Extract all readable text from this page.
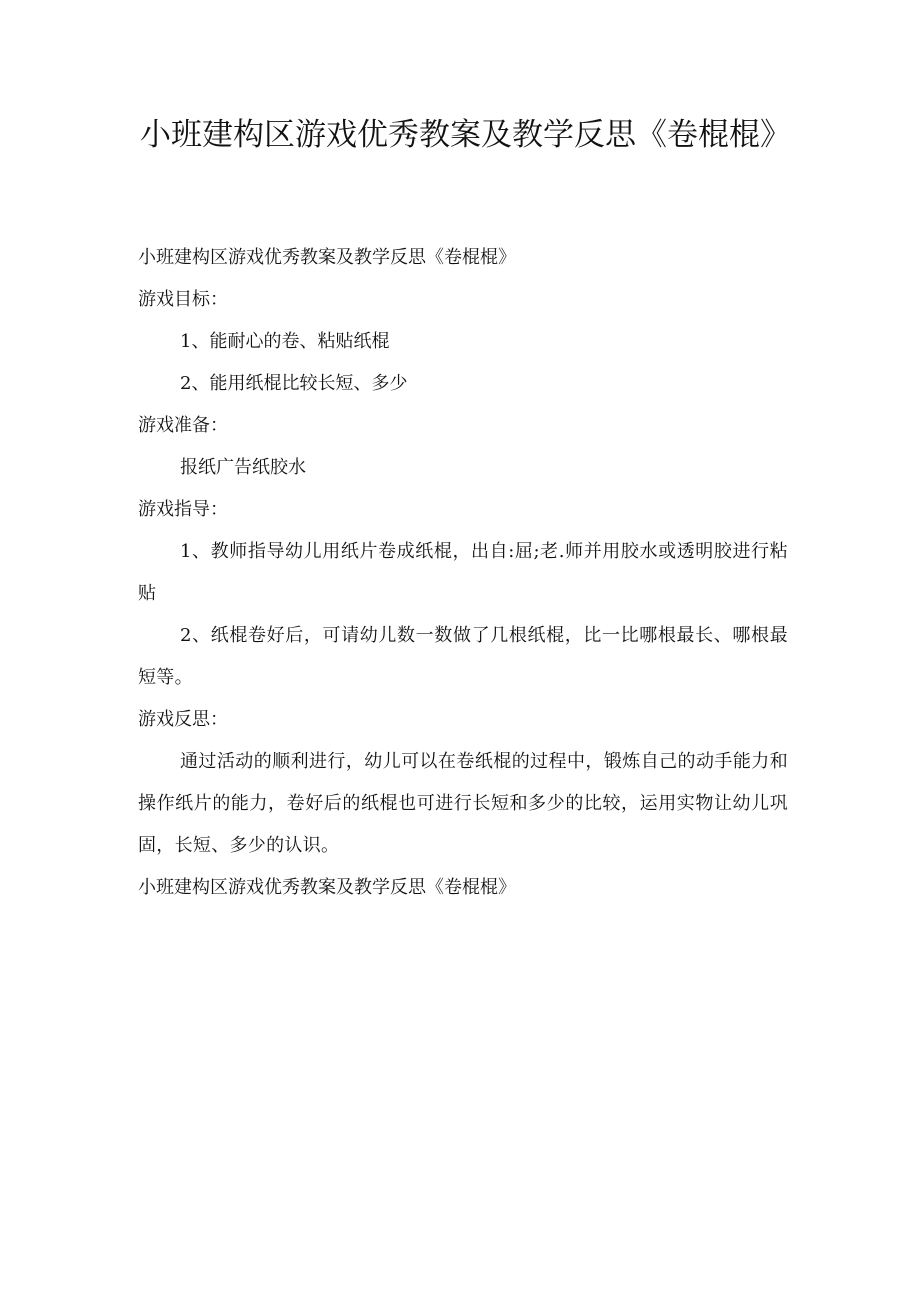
小班建构区游戏优秀教案及教学反思《卷棍棍》
小班建构区游戏优秀教案及教学反思《卷棍棍》
游戏目标：
1、能耐心的卷、粘贴纸棍
2、能用纸棍比较长短、多少
游戏准备：
报纸广告纸胶水
游戏指导：
1、教师指导幼儿用纸片卷成纸棍，出自:屈;老.师并用胶水或透明胶进行粘贴
2、纸棍卷好后，可请幼儿数一数做了几根纸棍，比一比哪根最长、哪根最短等。
游戏反思：
通过活动的顺利进行，幼儿可以在卷纸棍的过程中，锻炼自己的动手能力和操作纸片的能力，卷好后的纸棍也可进行长短和多少的比较，运用实物让幼儿巩固，长短、多少的认识。
小班建构区游戏优秀教案及教学反思《卷棍棍》
